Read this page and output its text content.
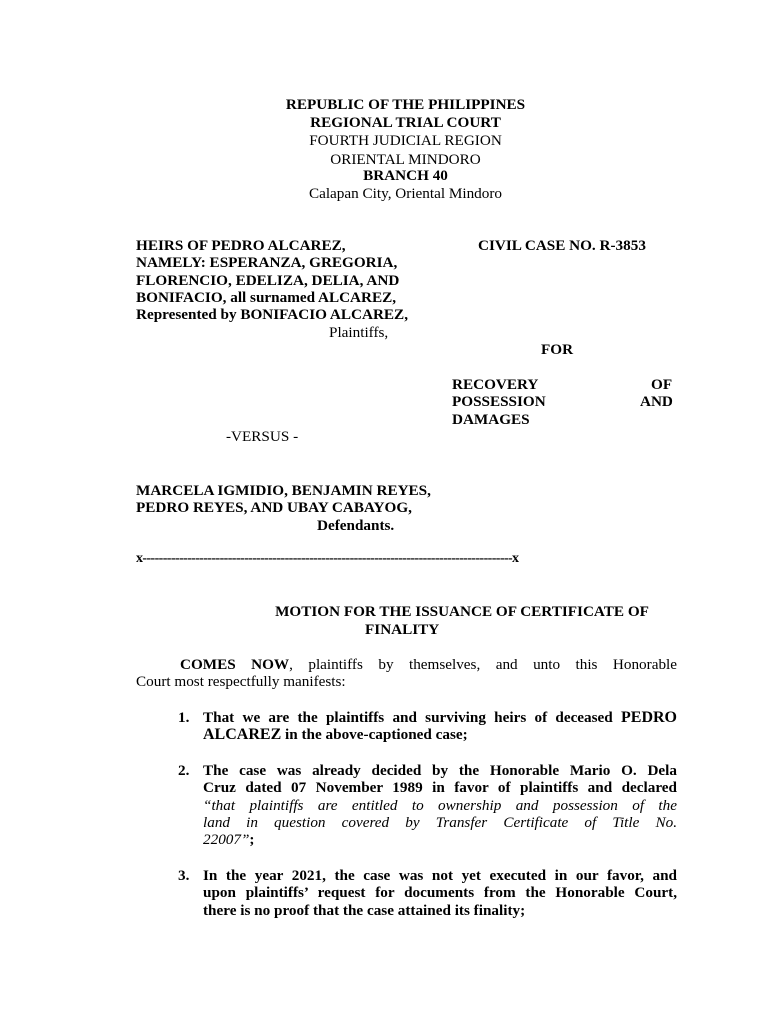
REPUBLIC OF THE PHILIPPINES
REGIONAL TRIAL COURT
FOURTH JUDICIAL REGION
ORIENTAL MINDORO
BRANCH 40
Calapan City, Oriental Mindoro
HEIRS OF PEDRO ALCAREZ,
NAMELY: ESPERANZA, GREGORIA,
FLORENCIO, EDELIZA, DELIA, AND
BONIFACIO, all surnamed ALCAREZ,
Represented by BONIFACIO ALCAREZ,
Plaintiffs,
CIVIL CASE NO. R-3853
FOR
RECOVERY	OF
POSSESSION	AND
DAMAGES
-VERSUS -
MARCELA IGMIDIO, BENJAMIN REYES,
PEDRO REYES, AND UBAY CABAYOG,
Defendants.
x-------------------------------------------------------------------------------------------x
MOTION FOR THE ISSUANCE OF CERTIFICATE OF
FINALITY
COMES NOW, plaintiffs by themselves, and unto this Honorable
Court most respectfully manifests:
1. That we are the plaintiffs and surviving heirs of deceased PEDRO
ALCAREZ in the above-captioned case;
2. The case was already decided by the Honorable Mario O. Dela
Cruz dated 07 November 1989 in favor of plaintiffs and declared
“that plaintiffs are entitled to ownership and possession of the
land in question covered by Transfer Certificate of Title No.
22007”;
3. In the year 2021, the case was not yet executed in our favor, and
upon plaintiffs’ request for documents from the Honorable Court,
there is no proof that the case attained its finality;
